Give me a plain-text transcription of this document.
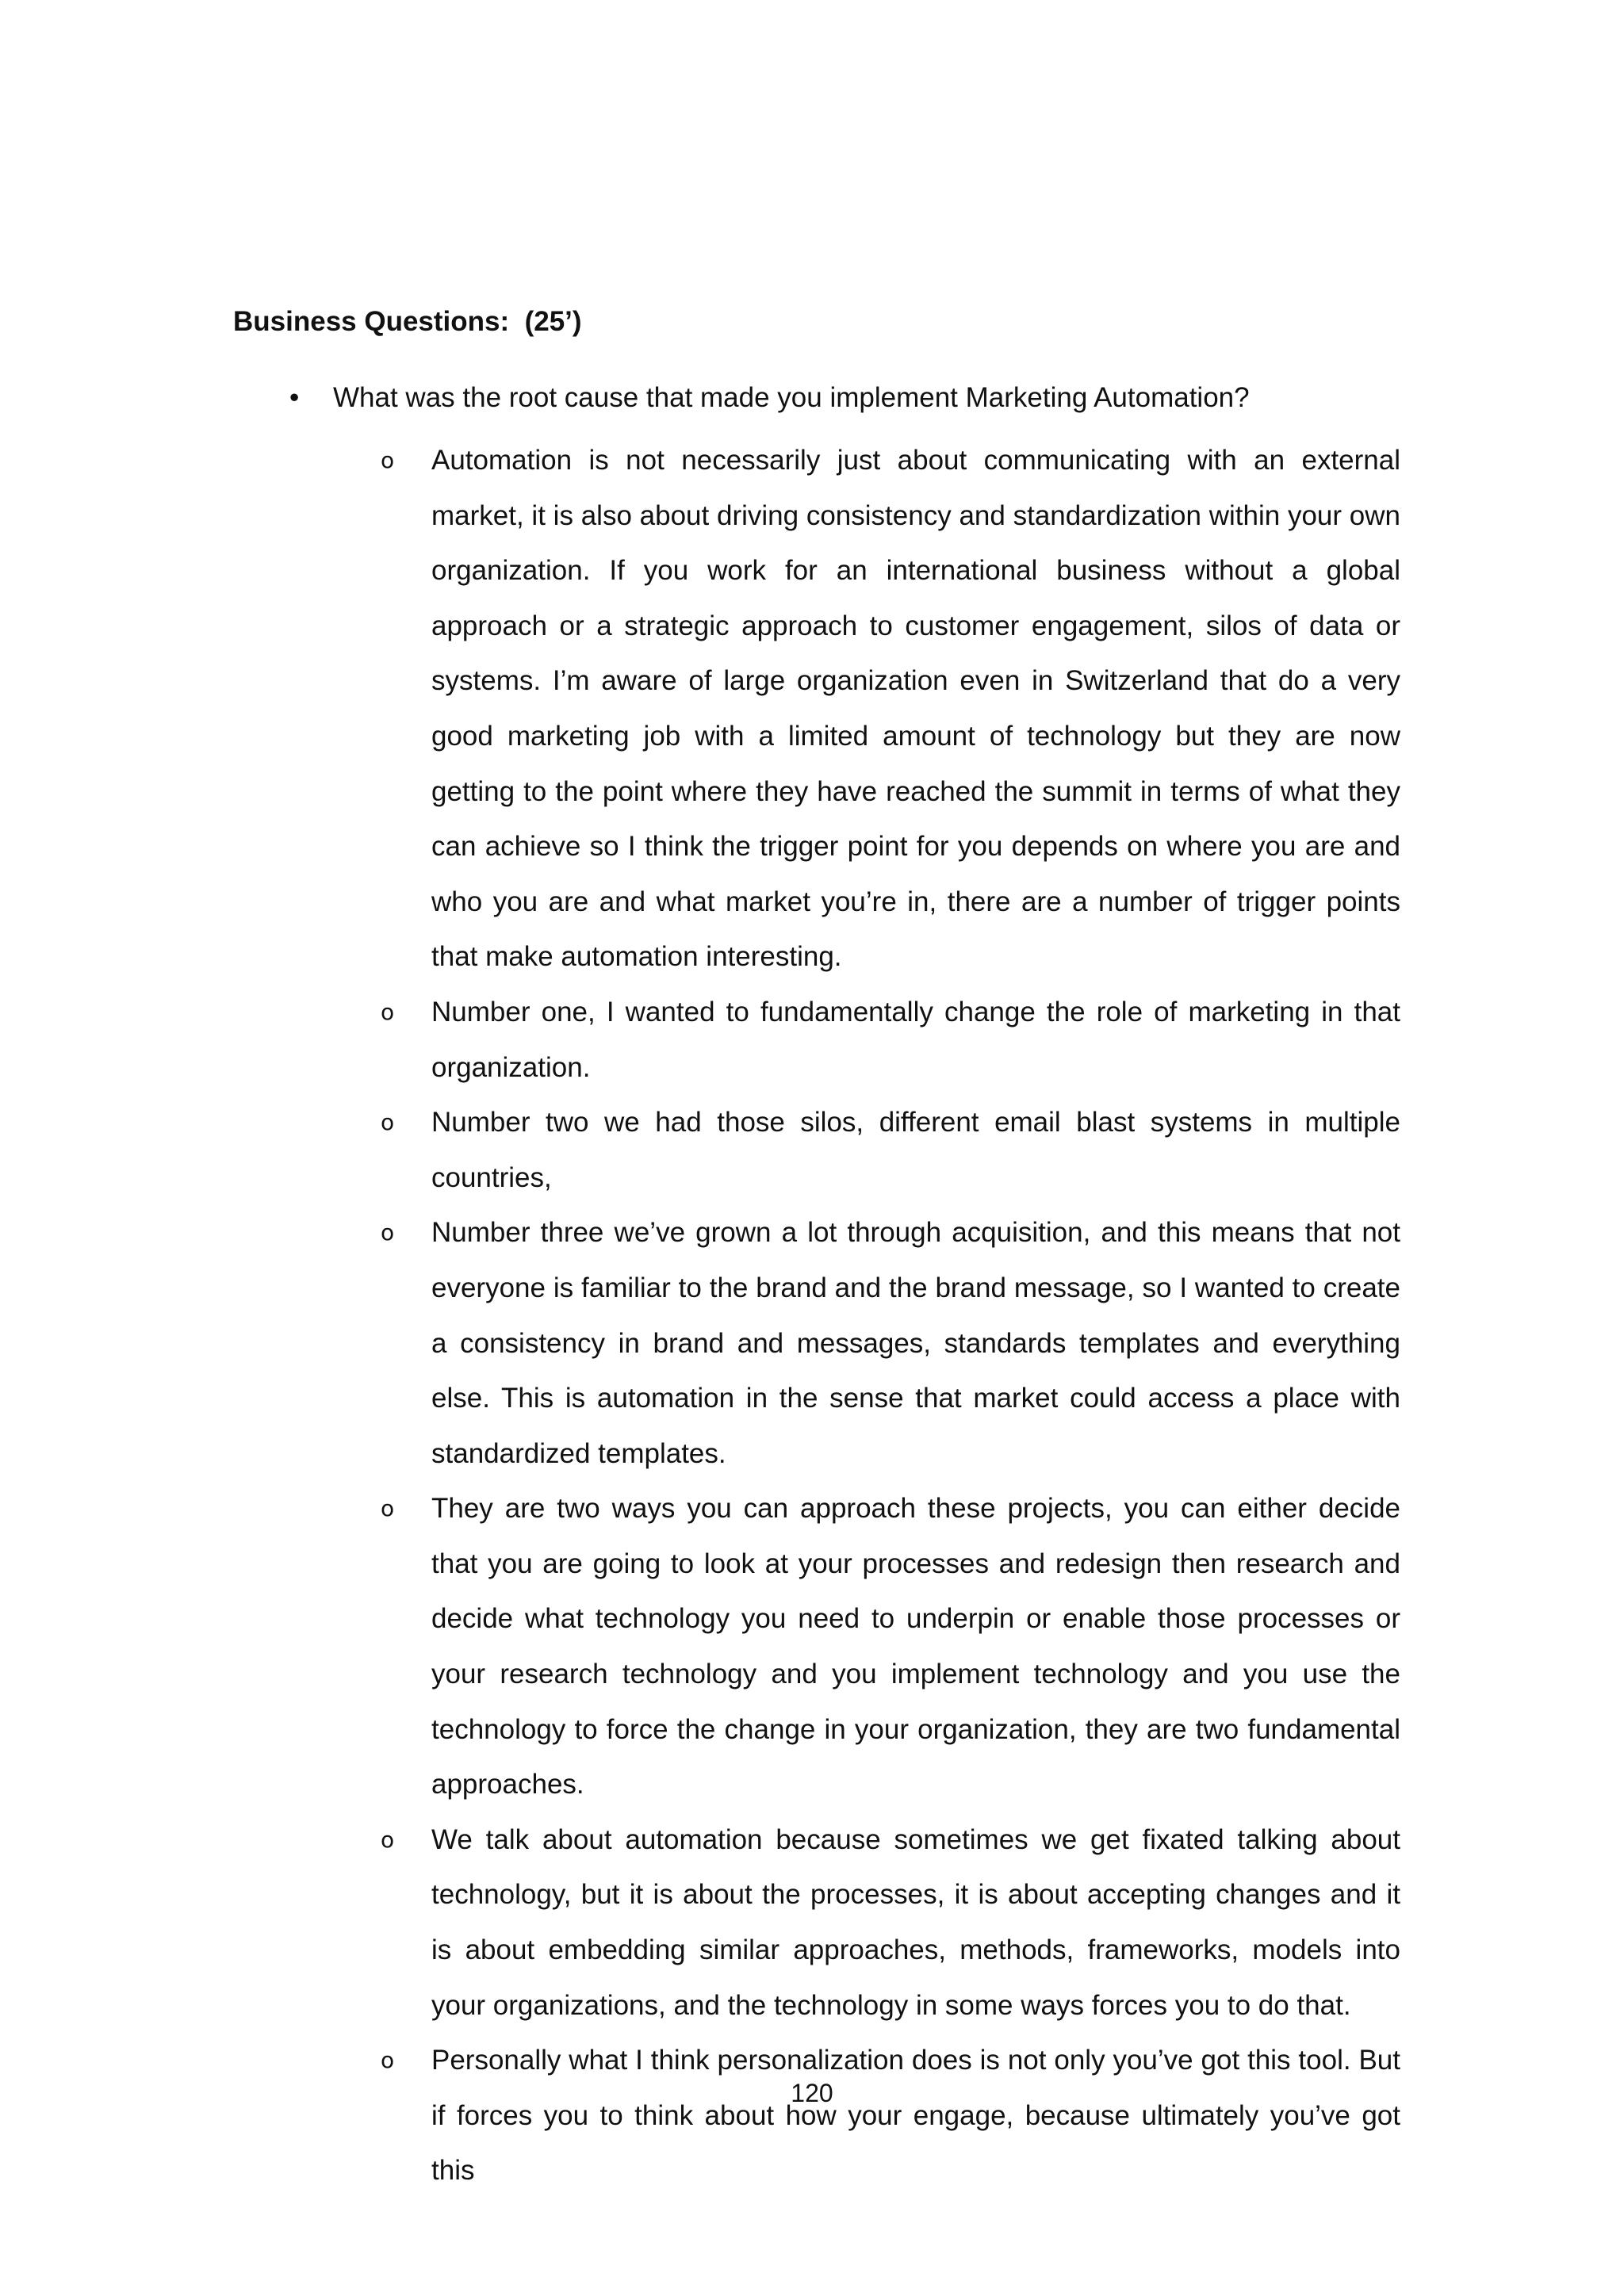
Business Questions:  (25’)
• What was the root cause that made you implement Marketing Automation?
o Automation is not necessarily just about communicating with an external market, it is also about driving consistency and standardization within your own organization. If you work for an international business without a global approach or a strategic approach to customer engagement, silos of data or systems. I’m aware of large organization even in Switzerland that do a very good marketing job with a limited amount of technology but they are now getting to the point where they have reached the summit in terms of what they can achieve so I think the trigger point for you depends on where you are and who you are and what market you’re in, there are a number of trigger points that make automation interesting.
o Number one, I wanted to fundamentally change the role of marketing in that organization.
o Number two we had those silos, different email blast systems in multiple countries,
o Number three we’ve grown a lot through acquisition, and this means that not everyone is familiar to the brand and the brand message, so I wanted to create a consistency in brand and messages, standards templates and everything else. This is automation in the sense that market could access a place with standardized templates.
o They are two ways you can approach these projects, you can either decide that you are going to look at your processes and redesign then research and decide what technology you need to underpin or enable those processes or your research technology and you implement technology and you use the technology to force the change in your organization, they are two fundamental approaches.
o We talk about automation because sometimes we get fixated talking about technology, but it is about the processes, it is about accepting changes and it is about embedding similar approaches, methods, frameworks, models into your organizations, and the technology in some ways forces you to do that.
o Personally what I think personalization does is not only you’ve got this tool. But if forces you to think about how your engage, because ultimately you’ve got this
120
